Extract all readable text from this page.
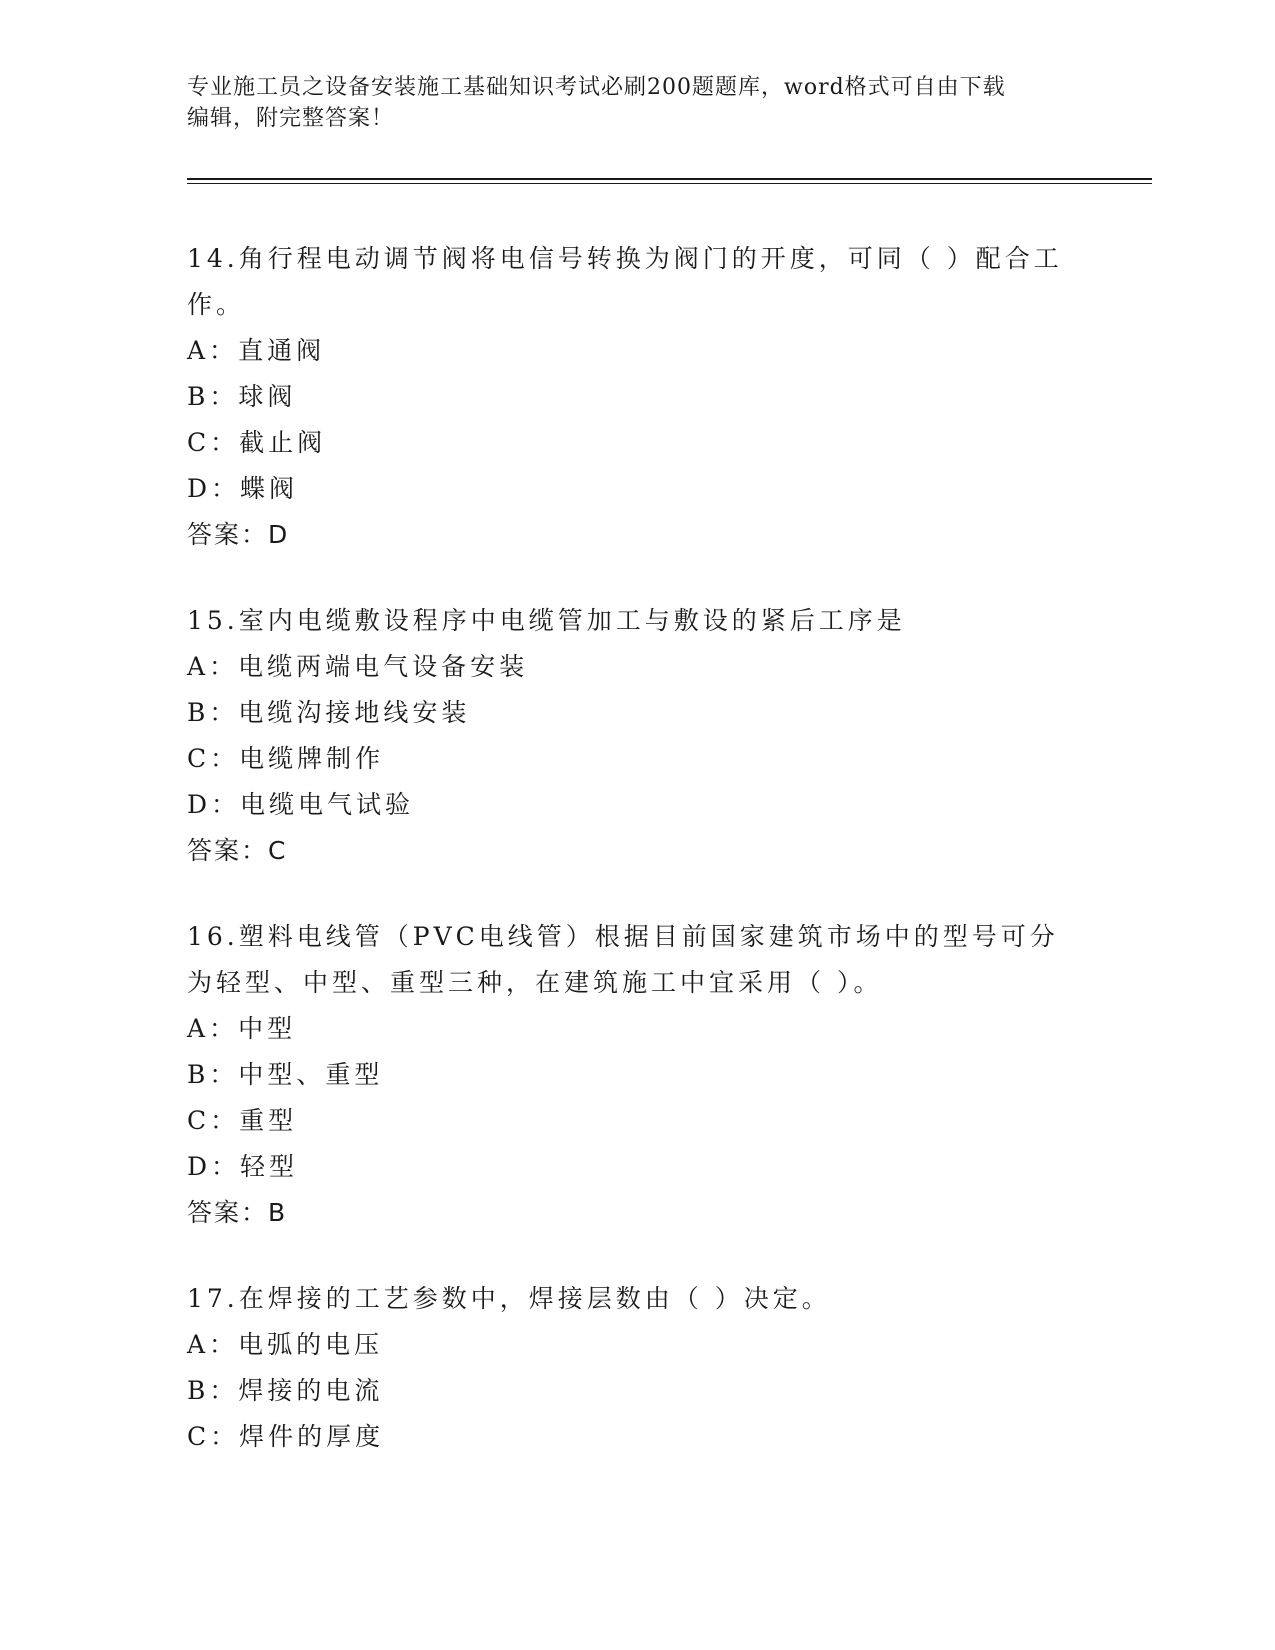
专业施工员之设备安装施工基础知识考试必刷200题题库，word格式可自由下载
编辑，附完整答案！

14.角行程电动调节阀将电信号转换为阀门的开度，可同（ ）配合工作。

A：直通阀

B：球阀

C：截止阀

D：蝶阀

答案：D

15.室内电缆敷设程序中电缆管加工与敷设的紧后工序是

A：电缆两端电气设备安装

B：电缆沟接地线安装

C：电缆牌制作

D：电缆电气试验

答案：C

16.塑料电线管（PVC电线管）根据目前国家建筑市场中的型号可分为轻型、中型、重型三种，在建筑施工中宜采用（ ）。

A：中型

B：中型、重型

C：重型

D：轻型

答案：B

17.在焊接的工艺参数中，焊接层数由（ ）决定。

A：电弧的电压

B：焊接的电流

C：焊件的厚度
